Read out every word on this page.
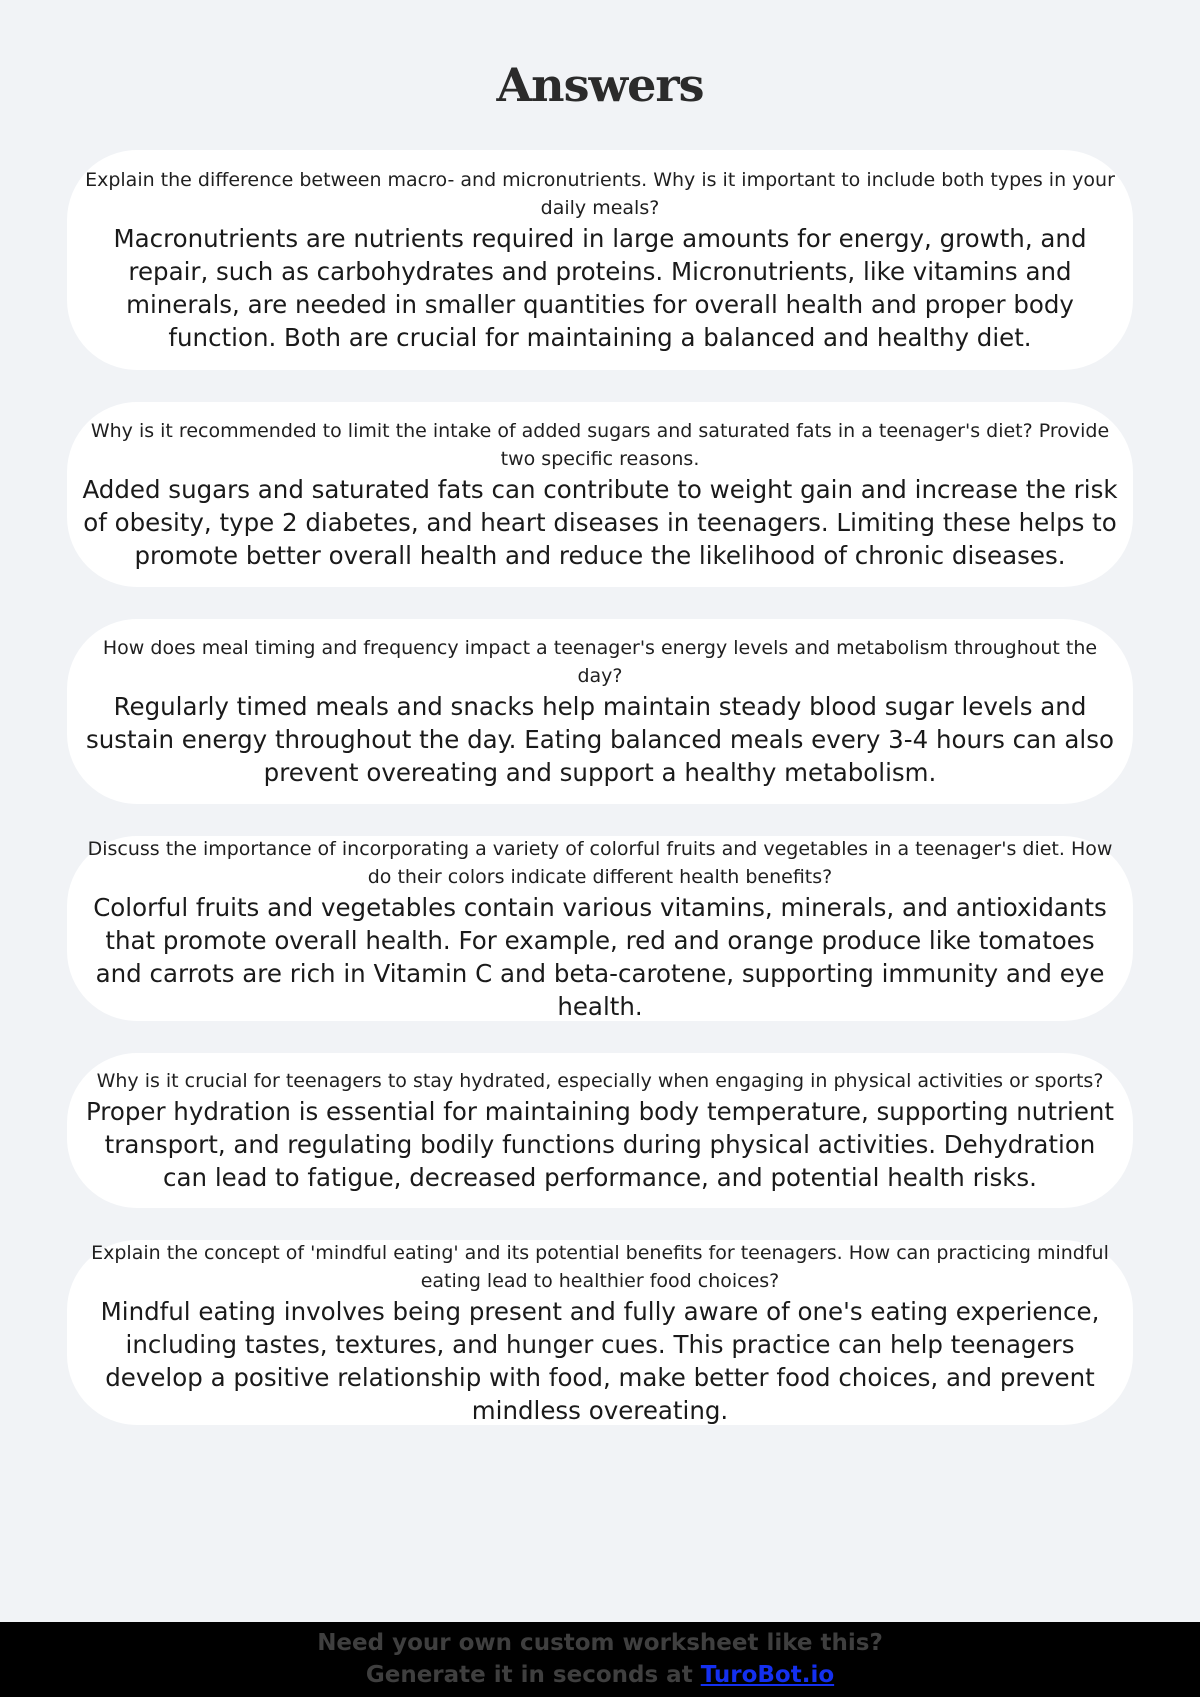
Answers
Explain the difference between macro- and micronutrients. Why is it important to include both types in your daily meals?
Macronutrients are nutrients required in large amounts for energy, growth, and repair, such as carbohydrates and proteins. Micronutrients, like vitamins and minerals, are needed in smaller quantities for overall health and proper body function. Both are crucial for maintaining a balanced and healthy diet.
Why is it recommended to limit the intake of added sugars and saturated fats in a teenager's diet? Provide two specific reasons.
Added sugars and saturated fats can contribute to weight gain and increase the risk of obesity, type 2 diabetes, and heart diseases in teenagers. Limiting these helps to promote better overall health and reduce the likelihood of chronic diseases.
How does meal timing and frequency impact a teenager's energy levels and metabolism throughout the day?
Regularly timed meals and snacks help maintain steady blood sugar levels and sustain energy throughout the day. Eating balanced meals every 3-4 hours can also prevent overeating and support a healthy metabolism.
Discuss the importance of incorporating a variety of colorful fruits and vegetables in a teenager's diet. How do their colors indicate different health benefits?
Colorful fruits and vegetables contain various vitamins, minerals, and antioxidants that promote overall health. For example, red and orange produce like tomatoes and carrots are rich in Vitamin C and beta-carotene, supporting immunity and eye health.
Why is it crucial for teenagers to stay hydrated, especially when engaging in physical activities or sports?
Proper hydration is essential for maintaining body temperature, supporting nutrient transport, and regulating bodily functions during physical activities. Dehydration can lead to fatigue, decreased performance, and potential health risks.
Explain the concept of 'mindful eating' and its potential benefits for teenagers. How can practicing mindful eating lead to healthier food choices?
Mindful eating involves being present and fully aware of one's eating experience, including tastes, textures, and hunger cues. This practice can help teenagers develop a positive relationship with food, make better food choices, and prevent mindless overeating.
Need your own custom worksheet like this?
Generate it in seconds at TuroBot.io
